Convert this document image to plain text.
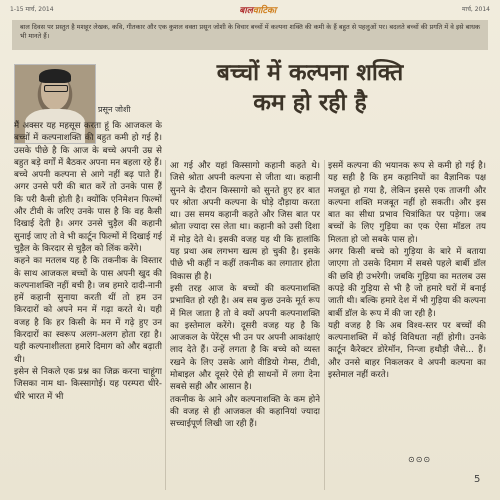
1-15 मार्च, 2014	बालवाटिका	मार्च, 2014
बाल दिवस पर प्रस्तुत है मशहूर लेखक, कवि, गीतकार और एक कुशल वक्ता प्रसून जोशी के विचार बच्चों में कल्पना शक्ति की कमी के हैं बहुत से पहलुओं पर। बदलते बच्चों की प्रगति में वे इसे बाधक भी मानते हैं।
प्रसून जोशी
बच्चों में कल्पना शक्ति
कम हो रही है
मैं अक्सर यह महसूस करता हूं कि आजकल के बच्चों में कल्पनाशक्ति की बहुत कमी हो गई है। उसके पीछे है कि आज के बच्चे अपनी उम्र से बहुत बड़े वर्गों में बैठकर अपना मन बहला रहे हैं। बच्चे अपनी कल्पना से आगे नहीं बढ़ पाते हैं। अगर उनसे परी की बात करें तो उनके पास हैं कि परी कैसी होती है। क्योंकि एनिमेशन फिल्मों और टीवी के जरिए उनके पास है कि वह कैसी दिखाई देती है। अगर उनसे चुड़ैल की कहानी सुनाई जाए तो वे भी कार्टून फिल्मों में दिखाई गई चुड़ैल के किरदार से चुड़ैल को लिंक करेंगे।
कहने का मतलब यह है कि तकनीक के विस्तार के साथ आजकल बच्चों के पास अपनी खुद की कल्पनाशक्ति नहीं बची है। जब हमारे दादी-नानी हमें कहानी सुनाया करती थीं तो हम उन किरदारों को अपने मन में गढ़ा करते थे। यही वजह है कि हर किसी के मन में गढ़े हुए उन किरदारों का स्वरूप अलग-अलग होता रहा है। यही कल्पनाशीलता हमारे दिमाग को और बढ़ाती थी।
इसेन से निकले एक प्रश्न का जिक्र करना चाहूंगा जिसका नाम था- किस्सागोई। यह परम्परा धीरे-धीरे भारत में भी
आ गई और यहां किस्सागो कहानी कहते थे। जिसे श्रोता अपनी कल्पना से जीता था। कहानी सुनने के दौरान किस्सागो को सुनते हुए हर बात पर श्रोता अपनी कल्पना के घोड़े दौड़ाया करता था। उस समय कहानी कहते और जिस बात पर श्रोता ज्यादा रस लेता था। कहानी को उसी दिशा में मोड़ देते थे। इसकी वजह यह थी कि हालांकि यह प्रथा अब लगभग खत्म हो चुकी है। इसके पीछे भी कहीं न कहीं तकनीक का लगातार होता विकास ही है।
इसी तरह आज के बच्चों की कल्पनाशक्ति प्रभावित हो रही है। अब सब कुछ उनके मूर्त रूप में मिल जाता है तो वे क्यों अपनी कल्पनाशक्ति का इस्तेमाल करेंगे। दूसरी वजह यह है कि आजकल के पेरेंट्स भी उन पर अपनी आकांक्षाएं लाद देते हैं। उन्हें लगता है कि बच्चे को व्यस्त रखने के लिए उसके आगे वीडियो गेम्स, टीवी, मोबाइल और दूसरे ऐसे ही साधनों में लगा देना सबसे सही और आसान है।
तकनीक के आने और कल्पनाशक्ति के कम होने की वजह से ही आजकल की कहानियां ज्यादा सच्चाईपूर्ण लिखी जा रही हैं।
इसमें कल्पना की भयानक रूप से कमी हो गई है। यह सही है कि हम कहानियों का वैज्ञानिक पक्ष मजबूत हो गया है, लेकिन इससे एक ताजगी और कल्पना शक्ति मजबूत नहीं हो सकती। और इस बात का सीधा प्रभाव चित्रांकित पर पड़ेगा। जब बच्चों के लिए गुड़िया का एक ऐसा मॉडल तय मिलता हो जो सबके पास हो।
अगर किसी बच्चे को गुड़िया के बारे में बताया जाएगा तो उसके दिमाग में सबसे पहले बार्बी डॉल की छवि ही उभरेगी। जबकि गुड़िया का मतलब उस कपड़े की गुड़िया से भी है जो हमारे घरों में बनाई जाती थी। बल्कि हमारे देश में भी गुड़िया की कल्पना बार्बी डॉल के रूप में की जा रही है।
यही वजह है कि अब विश्व-स्तर पर बच्चों की कल्पनाशक्ति में कोई विविधता नहीं होगी। उनके कार्टून कैरेक्टर डोरेमॉन, निन्जा हथौड़ी जैसे... हैं। और उनसे बाहर निकलकर वे अपनी कल्पना का इस्तेमाल नहीं करते।
⊙⊙⊙
5
